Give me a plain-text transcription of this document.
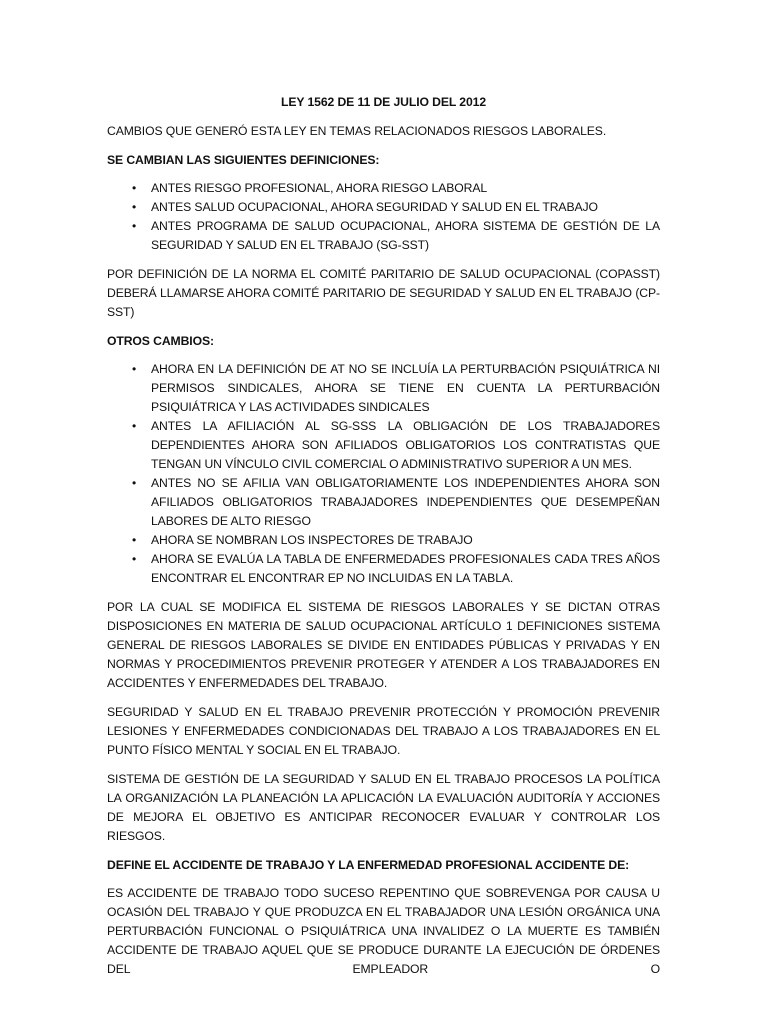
LEY 1562 DE 11 DE JULIO DEL 2012

CAMBIOS QUE GENERÓ ESTA LEY EN TEMAS RELACIONADOS RIESGOS LABORALES.

SE CAMBIAN LAS SIGUIENTES DEFINICIONES:

• ANTES RIESGO PROFESIONAL, AHORA RIESGO LABORAL
• ANTES SALUD OCUPACIONAL, AHORA SEGURIDAD Y SALUD EN EL TRABAJO
• ANTES PROGRAMA DE SALUD OCUPACIONAL, AHORA SISTEMA DE GESTIÓN DE LA SEGURIDAD Y SALUD EN EL TRABAJO (SG-SST)

POR DEFINICIÓN DE LA NORMA EL COMITÉ PARITARIO DE SALUD OCUPACIONAL (COPASST) DEBERÁ LLAMARSE AHORA COMITÉ PARITARIO DE SEGURIDAD Y SALUD EN EL TRABAJO (CP-SST)

OTROS CAMBIOS:

• AHORA EN LA DEFINICIÓN DE AT NO SE INCLUÍA LA PERTURBACIÓN PSIQUIÁTRICA NI PERMISOS SINDICALES, AHORA SE TIENE EN CUENTA LA PERTURBACIÓN PSIQUIÁTRICA Y LAS ACTIVIDADES SINDICALES
• ANTES LA AFILIACIÓN AL SG-SSS LA OBLIGACIÓN DE LOS TRABAJADORES DEPENDIENTES AHORA SON AFILIADOS OBLIGATORIOS LOS CONTRATISTAS QUE TENGAN UN VÍNCULO CIVIL COMERCIAL O ADMINISTRATIVO SUPERIOR A UN MES.
• ANTES NO SE AFILIA VAN OBLIGATORIAMENTE LOS INDEPENDIENTES AHORA SON AFILIADOS OBLIGATORIOS TRABAJADORES INDEPENDIENTES QUE DESEMPEÑAN LABORES DE ALTO RIESGO
• AHORA SE NOMBRAN LOS INSPECTORES DE TRABAJO
• AHORA SE EVALÚA LA TABLA DE ENFERMEDADES PROFESIONALES CADA TRES AÑOS ENCONTRAR EL ENCONTRAR EP NO INCLUIDAS EN LA TABLA.

POR LA CUAL SE MODIFICA EL SISTEMA DE RIESGOS LABORALES Y SE DICTAN OTRAS DISPOSICIONES EN MATERIA DE SALUD OCUPACIONAL ARTÍCULO 1 DEFINICIONES SISTEMA GENERAL DE RIESGOS LABORALES SE DIVIDE EN ENTIDADES PÚBLICAS Y PRIVADAS Y EN NORMAS Y PROCEDIMIENTOS PREVENIR PROTEGER Y ATENDER A LOS TRABAJADORES EN ACCIDENTES Y ENFERMEDADES DEL TRABAJO.

SEGURIDAD Y SALUD EN EL TRABAJO PREVENIR PROTECCIÓN Y PROMOCIÓN PREVENIR LESIONES Y ENFERMEDADES CONDICIONADAS DEL TRABAJO A LOS TRABAJADORES EN EL PUNTO FÍSICO MENTAL Y SOCIAL EN EL TRABAJO.

SISTEMA DE GESTIÓN DE LA SEGURIDAD Y SALUD EN EL TRABAJO PROCESOS LA POLÍTICA LA ORGANIZACIÓN LA PLANEACIÓN LA APLICACIÓN LA EVALUACIÓN AUDITORÍA Y ACCIONES DE MEJORA EL OBJETIVO ES ANTICIPAR RECONOCER EVALUAR Y CONTROLAR LOS RIESGOS.

DEFINE EL ACCIDENTE DE TRABAJO Y LA ENFERMEDAD PROFESIONAL ACCIDENTE DE:

ES ACCIDENTE DE TRABAJO TODO SUCESO REPENTINO QUE SOBREVENGA POR CAUSA U OCASIÓN DEL TRABAJO Y QUE PRODUZCA EN EL TRABAJADOR UNA LESIÓN ORGÁNICA UNA PERTURBACIÓN FUNCIONAL O PSIQUIÁTRICA UNA INVALIDEZ O LA MUERTE ES TAMBIÉN ACCIDENTE DE TRABAJO AQUEL QUE SE PRODUCE DURANTE LA EJECUCIÓN DE ÓRDENES DEL EMPLEADOR O
